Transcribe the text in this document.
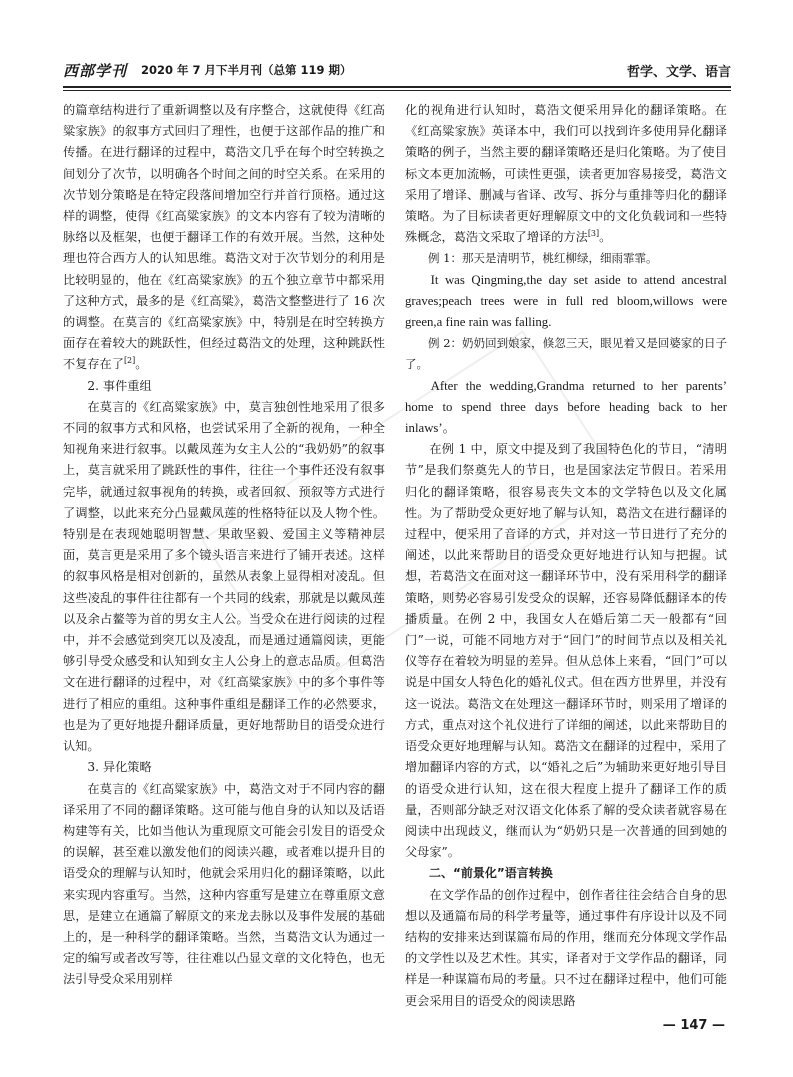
西部学刊 2020 年 7 月下半月刊（总第 119 期）	哲学、文学、语言

的篇章结构进行了重新调整以及有序整合，这就使得《红高粱家族》的叙事方式回归了理性，也便于这部作品的推广和传播。在进行翻译的过程中，葛浩文几乎在每个时空转换之间划分了次节，以明确各个时间之间的时空关系。在采用的次节划分策略是在特定段落间增加空行并首行顶格。通过这样的调整，使得《红高粱家族》的文本内容有了较为清晰的脉络以及框架，也便于翻译工作的有效开展。当然，这种处理也符合西方人的认知思维。葛浩文对于次节划分的利用是比较明显的，他在《红高粱家族》的五个独立章节中都采用了这种方式，最多的是《红高粱》，葛浩文整整进行了 16 次的调整。在莫言的《红高粱家族》中，特别是在时空转换方面存在着较大的跳跃性，但经过葛浩文的处理，这种跳跃性不复存在了[2]。

2. 事件重组

在莫言的《红高粱家族》中，莫言独创性地采用了很多不同的叙事方式和风格，也尝试采用了全新的视角，一种全知视角来进行叙事。以戴凤莲为女主人公的“我奶奶”的叙事上，莫言就采用了跳跃性的事件，往往一个事件还没有叙事完毕，就通过叙事视角的转换，或者回叙、预叙等方式进行了调整，以此来充分凸显戴凤莲的性格特征以及人物个性。特别是在表现她聪明智慧、果敢坚毅、爱国主义等精神层面，莫言更是采用了多个镜头语言来进行了铺开表述。这样的叙事风格是相对创新的，虽然从表象上显得相对凌乱。但这些凌乱的事件往往都有一个共同的线索，那就是以戴凤莲以及余占鳌等为首的男女主人公。当受众在进行阅读的过程中，并不会感觉到突兀以及凌乱，而是通过通篇阅读，更能够引导受众感受和认知到女主人公身上的意志品质。但葛浩文在进行翻译的过程中，对《红高粱家族》中的多个事件等进行了相应的重组。这种事件重组是翻译工作的必然要求，也是为了更好地提升翻译质量，更好地帮助目的语受众进行认知。

3. 异化策略

在莫言的《红高粱家族》中，葛浩文对于不同内容的翻译采用了不同的翻译策略。这可能与他自身的认知以及话语构建等有关，比如当他认为重现原文可能会引发目的语受众的误解，甚至难以激发他们的阅读兴趣，或者难以提升目的语受众的理解与认知时，他就会采用归化的翻译策略，以此来实现内容重写。当然，这种内容重写是建立在尊重原文意思，是建立在通篇了解原文的来龙去脉以及事件发展的基础上的，是一种科学的翻译策略。当然，当葛浩文认为通过一定的编写或者改写等，往往难以凸显文章的文化特色，也无法引导受众采用别样

化的视角进行认知时，葛浩文便采用异化的翻译策略。在《红高粱家族》英译本中，我们可以找到许多使用异化翻译策略的例子，当然主要的翻译策略还是归化策略。为了使目标文本更加流畅，可读性更强，读者更加容易接受，葛浩文采用了增译、删减与省译、改写、拆分与重排等归化的翻译策略。为了目标读者更好理解原文中的文化负载词和一些特殊概念，葛浩文采取了增译的方法[3]。

例 1：那天是清明节，桃红柳绿，细雨霏霏。

It was Qingming,the day set aside to attend ancestral graves;peach trees were in full red bloom,willows were green,a fine rain was falling.

例 2：奶奶回到娘家，倏忽三天，眼见着又是回婆家的日子了。

After the wedding,Grandma returned to her parents’ home to spend three days before heading back to her inlaws’。

在例 1 中，原文中提及到了我国特色化的节日，“清明节”是我们祭奠先人的节日，也是国家法定节假日。若采用归化的翻译策略，很容易丧失文本的文学特色以及文化属性。为了帮助受众更好地了解与认知，葛浩文在进行翻译的过程中，便采用了音译的方式，并对这一节日进行了充分的阐述，以此来帮助目的语受众更好地进行认知与把握。试想，若葛浩文在面对这一翻译环节中，没有采用科学的翻译策略，则势必容易引发受众的误解，还容易降低翻译本的传播质量。在例 2 中，我国女人在婚后第二天一般都有“回门”一说，可能不同地方对于“回门”的时间节点以及相关礼仪等存在着较为明显的差异。但从总体上来看，“回门”可以说是中国女人特色化的婚礼仪式。但在西方世界里，并没有这一说法。葛浩文在处理这一翻译环节时，则采用了增译的方式，重点对这个礼仪进行了详细的阐述，以此来帮助目的语受众更好地理解与认知。葛浩文在翻译的过程中，采用了增加翻译内容的方式，以“婚礼之后”为辅助来更好地引导目的语受众进行认知，这在很大程度上提升了翻译工作的质量，否则部分缺乏对汉语文化体系了解的受众读者就容易在阅读中出现歧义，继而认为“奶奶只是一次普通的回到她的父母家”。

二、“前景化”语言转换

在文学作品的创作过程中，创作者往往会结合自身的思想以及通篇布局的科学考量等，通过事件有序设计以及不同结构的安排来达到谋篇布局的作用，继而充分体现文学作品的文学性以及艺术性。其实，译者对于文学作品的翻译，同样是一种谋篇布局的考量。只不过在翻译过程中，他们可能更会采用目的语受众的阅读思路

— 147 —
